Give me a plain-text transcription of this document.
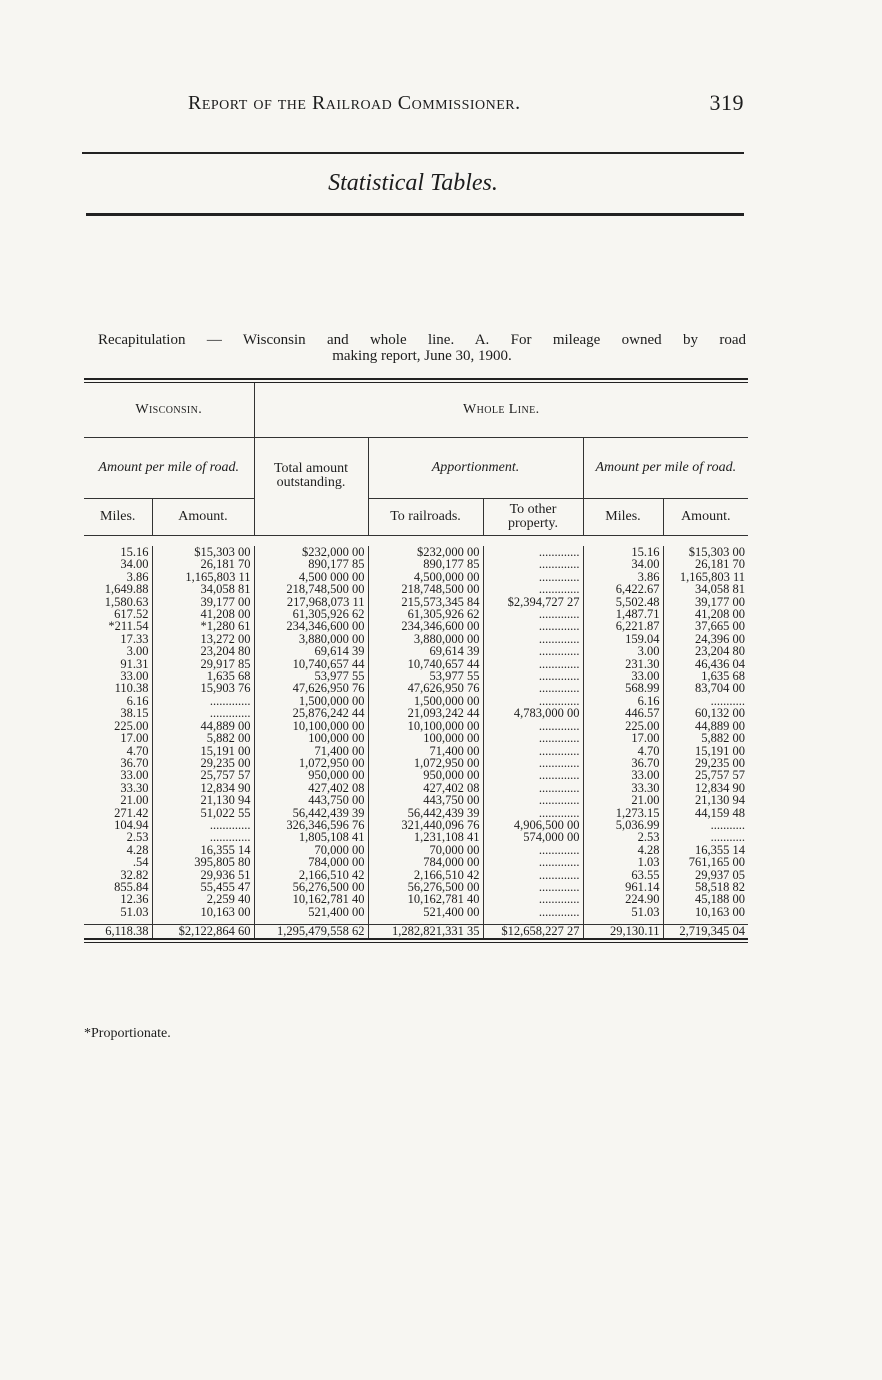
Report of the Railroad Commissioner.	319
Statistical Tables.
Recapitulation — Wisconsin and whole line. A. For mileage owned by road
making report, June 30, 1900.
Wisconsin.		Whole Line.				
Amount per mile of road.		Total amount outstanding.	Apportionment.		Amount per mile of road.	
Miles.	Amount.		To railroads.	To other property.	Miles.	Amount.

15.16	$15,303 00	$232,000 00	$232,000 00	.............	15.16	$15,303 00
34.00	26,181 70	890,177 85	890,177 85	.............	34.00	26,181 70
3.86	1,165,803 11	4,500 000 00	4,500,000 00	.............	3.86	1,165,803 11
1,649.88	34,058 81	218,748,500 00	218,748,500 00	.............	6,422.67	34,058 81
1,580.63	39,177 00	217,968,073 11	215,573,345 84	$2,394,727 27	5,502.48	39,177 00
617.52	41,208 00	61,305,926 62	61,305,926 62	.............	1,487.71	41,208 00
*211.54	*1,280 61	234,346,600 00	234,346,600 00	.............	6,221.87	37,665 00
17.33	13,272 00	3,880,000 00	3,880,000 00	.............	159.04	24,396 00
3.00	23,204 80	69,614 39	69,614 39	.............	3.00	23,204 80
91.31	29,917 85	10,740,657 44	10,740,657 44	.............	231.30	46,436 04
33.00	1,635 68	53,977 55	53,977 55	.............	33.00	1,635 68
110.38	15,903 76	47,626,950 76	47,626,950 76	.............	568.99	83,704 00
6.16	.............	1,500,000 00	1,500,000 00	.............	6.16	...........
38.15	.............	25,876,242 44	21,093,242 44	4,783,000 00	446.57	60,132 00
225.00	44,889 00	10,100,000 00	10,100,000 00	.............	225.00	44,889 00
17.00	5,882 00	100,000 00	100,000 00	.............	17.00	5,882 00
4.70	15,191 00	71,400 00	71,400 00	.............	4.70	15,191 00
36.70	29,235 00	1,072,950 00	1,072,950 00	.............	36.70	29,235 00
33.00	25,757 57	950,000 00	950,000 00	.............	33.00	25,757 57
33.30	12,834 90	427,402 08	427,402 08	.............	33.30	12,834 90
21.00	21,130 94	443,750 00	443,750 00	.............	21.00	21,130 94
271.42	51,022 55	56,442,439 39	56,442,439 39	.............	1,273.15	44,159 48
104.94	.............	326,346,596 76	321,440,096 76	4,906,500 00	5,036.99	...........
2.53	.............	1,805,108 41	1,231,108 41	574,000 00	2.53	...........
4.28	16,355 14	70,000 00	70,000 00	.............	4.28	16,355 14
.54	395,805 80	784,000 00	784,000 00	.............	1.03	761,165 00
32.82	29,936 51	2,166,510 42	2,166,510 42	.............	63.55	29,937 05
855.84	55,455 47	56,276,500 00	56,276,500 00	.............	961.14	58,518 82
12.36	2,259 40	10,162,781 40	10,162,781 40	.............	224.90	45,188 00
51.03	10,163 00	521,400 00	521,400 00	.............	51.03	10,163 00

6,118.38	$2,122,864 60	1,295,479,558 62	1,282,821,331 35	$12,658,227 27	29,130.11	2,719,345 04
*Proportionate.
